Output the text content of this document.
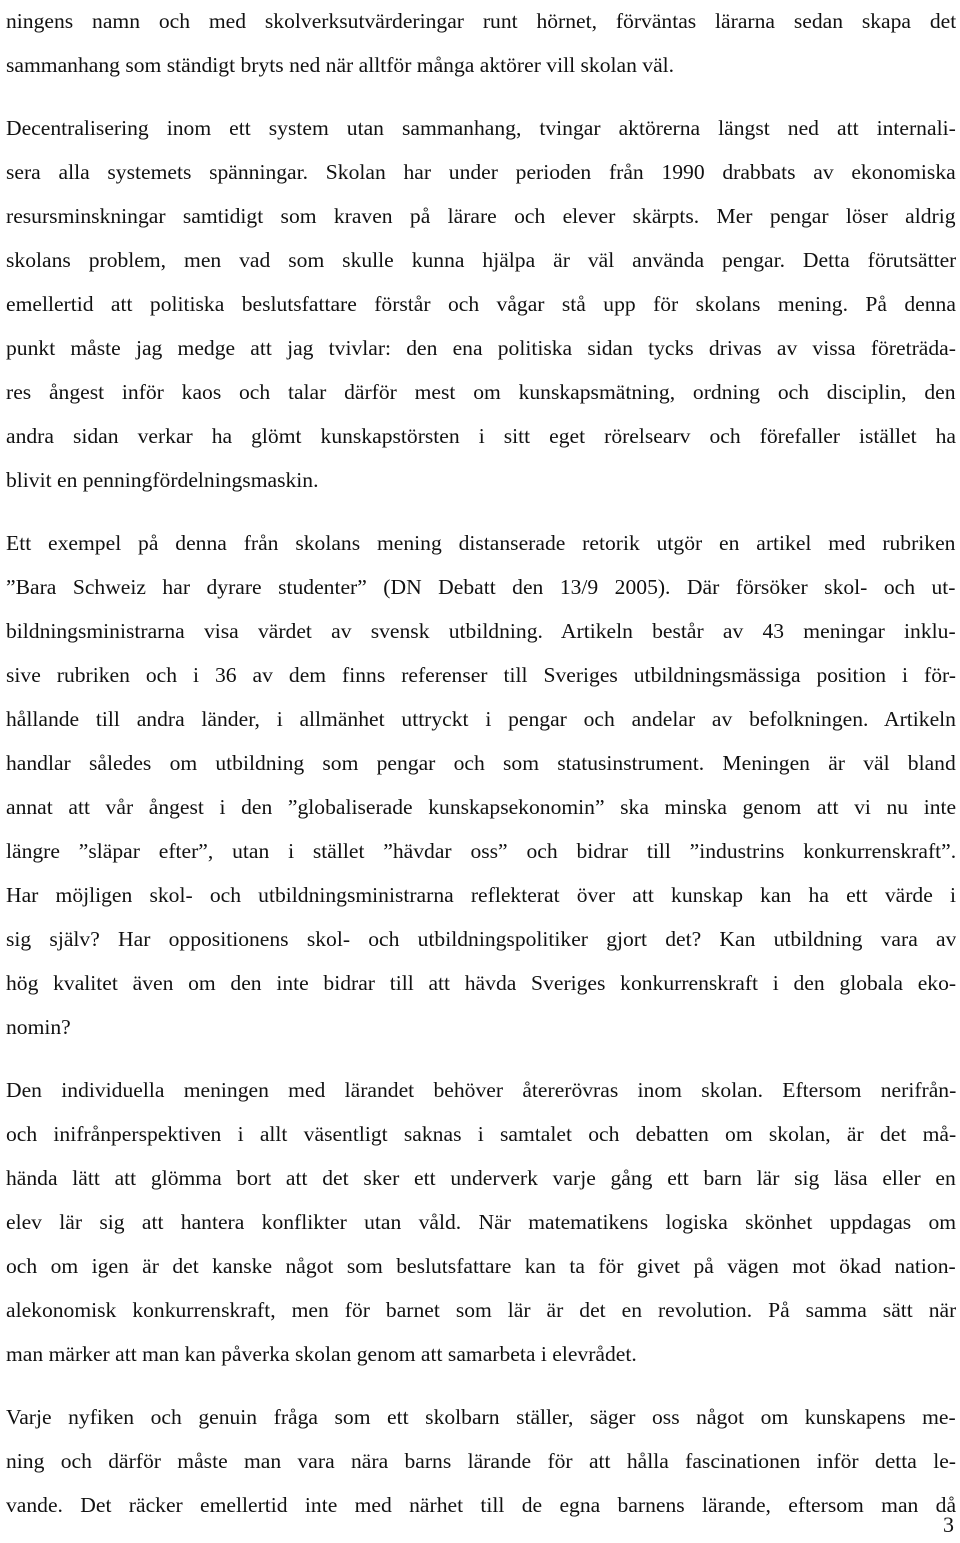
ningens namn och med skolverksutvärderingar runt hörnet, förväntas lärarna sedan skapa det
sammanhang som ständigt bryts ned när alltför många aktörer vill skolan väl.
Decentralisering inom ett system utan sammanhang, tvingar aktörerna längst ned att internali-
sera alla systemets spänningar. Skolan har under perioden från 1990 drabbats av ekonomiska
resursminskningar samtidigt som kraven på lärare och elever skärpts. Mer pengar löser aldrig
skolans problem, men vad som skulle kunna hjälpa är väl använda pengar. Detta förutsätter
emellertid att politiska beslutsfattare förstår och vågar stå upp för skolans mening. På denna
punkt måste jag medge att jag tvivlar: den ena politiska sidan tycks drivas av vissa företräda-
res ångest inför kaos och talar därför mest om kunskapsmätning, ordning och disciplin, den
andra sidan verkar ha glömt kunskapstörsten i sitt eget rörelsearv och förefaller istället ha
blivit en penningfördelningsmaskin.
Ett exempel på denna från skolans mening distanserade retorik utgör en artikel med rubriken
”Bara Schweiz har dyrare studenter” (DN Debatt den 13/9 2005). Där försöker skol- och ut-
bildningsministrarna visa värdet av svensk utbildning. Artikeln består av 43 meningar inklu-
sive rubriken och i 36 av dem finns referenser till Sveriges utbildningsmässiga position i för-
hållande till andra länder, i allmänhet uttryckt i pengar och andelar av befolkningen. Artikeln
handlar således om utbildning som pengar och som statusinstrument. Meningen är väl bland
annat att vår ångest i den ”globaliserade kunskapsekonomin” ska minska genom att vi nu inte
längre ”släpar efter”, utan i stället ”hävdar oss” och bidrar till ”industrins konkurrenskraft”.
Har möjligen skol- och utbildningsministrarna reflekterat över att kunskap kan ha ett värde i
sig själv? Har oppositionens skol- och utbildningspolitiker gjort det? Kan utbildning vara av
hög kvalitet även om den inte bidrar till att hävda Sveriges konkurrenskraft i den globala eko-
nomin?
Den individuella meningen med lärandet behöver återerövras inom skolan. Eftersom nerifrån-
och inifrånperspektiven i allt väsentligt saknas i samtalet och debatten om skolan, är det må-
hända lätt att glömma bort att det sker ett underverk varje gång ett barn lär sig läsa eller en
elev lär sig att hantera konflikter utan våld. När matematikens logiska skönhet uppdagas om
och om igen är det kanske något som beslutsfattare kan ta för givet på vägen mot ökad nation-
alekonomisk konkurrenskraft, men för barnet som lär är det en revolution. På samma sätt när
man märker att man kan påverka skolan genom att samarbeta i elevrådet.
Varje nyfiken och genuin fråga som ett skolbarn ställer, säger oss något om kunskapens me-
ning och därför måste man vara nära barns lärande för att hålla fascinationen inför detta le-
vande. Det räcker emellertid inte med närhet till de egna barnens lärande, eftersom man då
3
